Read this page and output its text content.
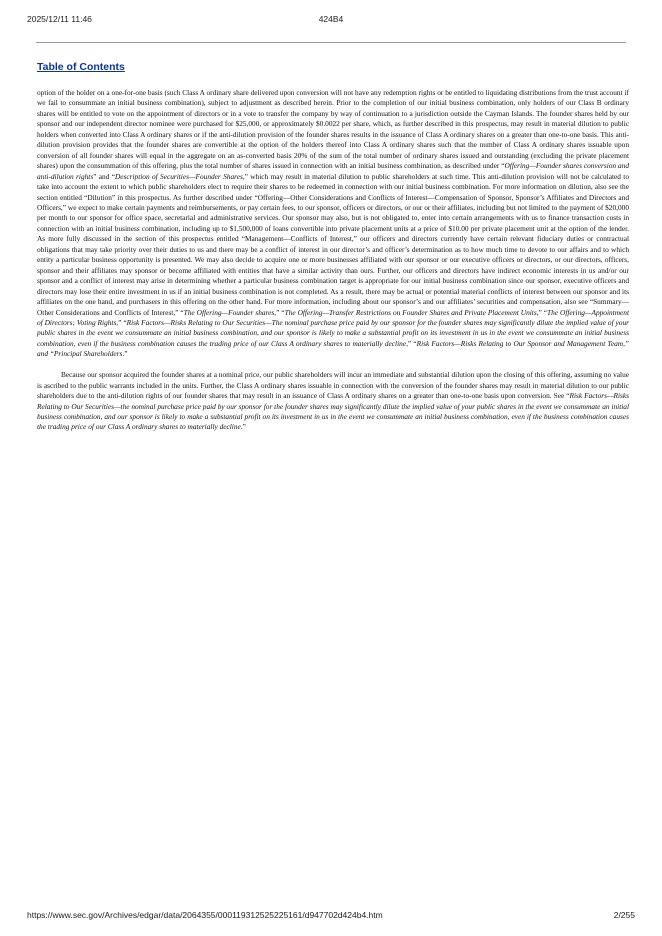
2025/12/11 11:46	424B4
Table of Contents

option of the holder on a one-for-one basis (such Class A ordinary share delivered upon conversion will not have any redemption rights or be entitled to liquidating distributions from the trust account if we fail to consummate an initial business combination), subject to adjustment as described herein. Prior to the completion of our initial business combination, only holders of our Class B ordinary shares will be entitled to vote on the appointment of directors or in a vote to transfer the company by way of continuation to a jurisdiction outside the Cayman Islands. The founder shares held by our sponsor and our independent director nominee were purchased for $25,000, or approximately $0.0022 per share, which, as further described in this prospectus, may result in material dilution to public holders when converted into Class A ordinary shares or if the anti-dilution provision of the founder shares results in the issuance of Class A ordinary shares on a greater than one-to-one basis. This anti-dilution provision provides that the founder shares are convertible at the option of the holders thereof into Class A ordinary shares such that the number of Class A ordinary shares issuable upon conversion of all founder shares will equal in the aggregate on an as-converted basis 20% of the sum of the total number of ordinary shares issued and outstanding (excluding the private placement shares) upon the consummation of this offering, plus the total number of shares issued in connection with an initial business combination, as described under “Offering—Founder shares conversion and anti-dilution rights” and “Description of Securities—Founder Shares,” which may result in material dilution to public shareholders at such time. This anti-dilution provision will not be calculated to take into account the extent to which public shareholders elect to require their shares to be redeemed in connection with our initial business combination. For more information on dilution, also see the section entitled “Dilution” in this prospectus. As further described under “Offering—Other Considerations and Conflicts of Interest—Compensation of Sponsor, Sponsor’s Affiliates and Directors and Officers,” we expect to make certain payments and reimbursements, or pay certain fees, to our sponsor, officers or directors, or our or their affiliates, including but not limited to the payment of $20,000 per month to our sponsor for office space, secretarial and administrative services. Our sponsor may also, but is not obligated to, enter into certain arrangements with us to finance transaction costs in connection with an initial business combination, including up to $1,500,000 of loans convertible into private placement units at a price of $10.00 per private placement unit at the option of the lender. As more fully discussed in the section of this prospectus entitled “Management—Conflicts of Interest,” our officers and directors currently have certain relevant fiduciary duties or contractual obligations that may take priority over their duties to us and there may be a conflict of interest in our director’s and officer’s determination as to how much time to devote to our affairs and to which entity a particular business opportunity is presented. We may also decide to acquire one or more businesses affiliated with our sponsor or our executive officers or directors, or our directors, officers, sponsor and their affiliates may sponsor or become affiliated with entities that have a similar activity than ours. Further, our officers and directors have indirect economic interests in us and/or our sponsor and a conflict of interest may arise in determining whether a particular business combination target is appropriate for our initial business combination since our sponsor, executive officers and directors may lose their entire investment in us if an initial business combination is not completed. As a result, there may be actual or potential material conflicts of interest between our sponsor and its affiliates on the one hand, and purchasers in this offering on the other hand. For more information, including about our sponsor’s and our affiliates’ securities and compensation, also see “Summary—Other Considerations and Conflicts of Interest,” “The Offering—Founder shares,” “The Offering—Transfer Restrictions on Founder Shares and Private Placement Units,” “The Offering—Appointment of Directors; Voting Rights,” “Risk Factors—Risks Relating to Our Securities—The nominal purchase price paid by our sponsor for the founder shares may significantly dilute the implied value of your public shares in the event we consummate an initial business combination, and our sponsor is likely to make a substantial profit on its investment in us in the event we consummate an initial business combination, even if the business combination causes the trading price of our Class A ordinary shares to materially decline,” “Risk Factors—Risks Relating to Our Sponsor and Management Team,” and “Principal Shareholders.”

Because our sponsor acquired the founder shares at a nominal price, our public shareholders will incur an immediate and substantial dilution upon the closing of this offering, assuming no value is ascribed to the public warrants included in the units. Further, the Class A ordinary shares issuable in connection with the conversion of the founder shares may result in material dilution to our public shareholders due to the anti-dilution rights of our founder shares that may result in an issuance of Class A ordinary shares on a greater than one-to-one basis upon conversion. See “Risk Factors—Risks Relating to Our Securities—the nominal purchase price paid by our sponsor for the founder shares may significantly dilute the implied value of your public shares in the event we consummate an initial business combination, and our sponsor is likely to make a substantial profit on its investment in us in the event we consummate an initial business combination, even if the business combination causes the trading price of our Class A ordinary shares to materially decline.”

https://www.sec.gov/Archives/edgar/data/2064355/000119312525225161/d947702d424b4.htm	2/255
